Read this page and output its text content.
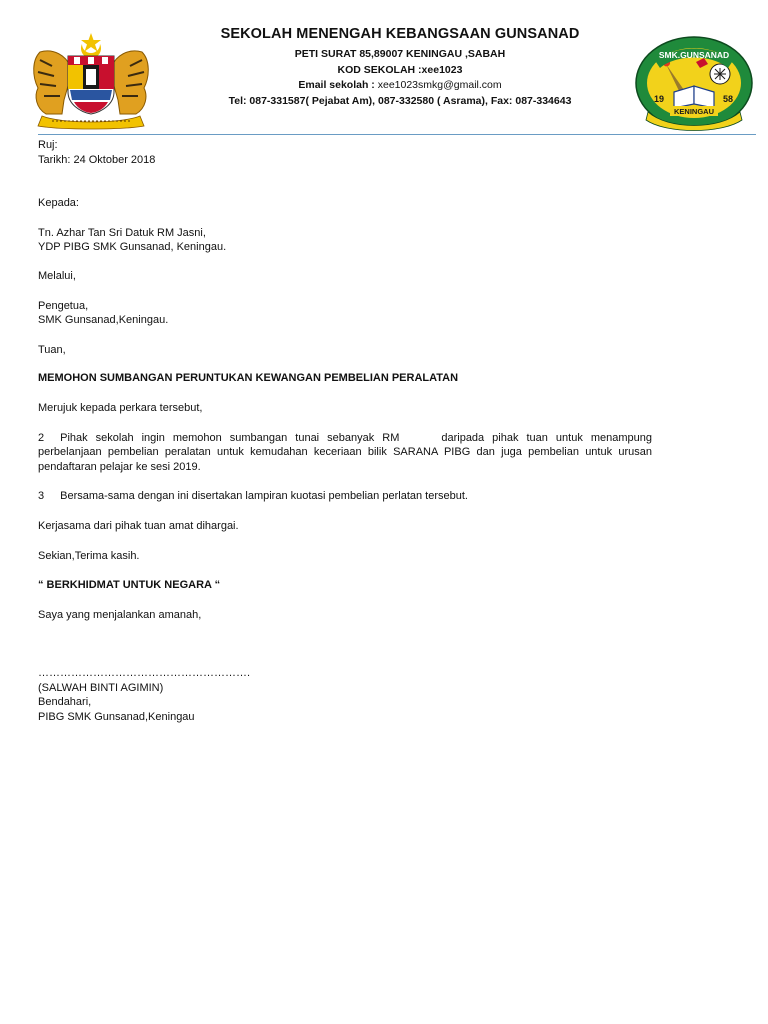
SEKOLAH MENENGAH KEBANGSAAN GUNSANAD
PETI SURAT 85,89007 KENINGAU ,SABAH
KOD SEKOLAH :xee1023
Email sekolah : xee1023smkg@gmail.com
Tel: 087-331587( Pejabat Am), 087-332580 ( Asrama), Fax: 087-334643
SMK.GUNSANAD
19	58
KENINGAU

Ruj:

Tarikh: 24 Oktober 2018

Kepada:

Tn. Azhar Tan Sri Datuk RM Jasni,

YDP PIBG SMK Gunsanad, Keningau.

Melalui,

Pengetua,

SMK Gunsanad,Keningau.

Tuan,

MEMOHON SUMBANGAN PERUNTUKAN KEWANGAN PEMBELIAN PERALATAN

Merujuk kepada perkara tersebut,

2 Pihak sekolah ingin memohon sumbangan tunai sebanyak RM	daripada pihak tuan untuk menampung perbelanjaan pembelian peralatan untuk kemudahan keceriaan bilik SARANA PIBG dan juga pembelian untuk urusan pendaftaran pelajar ke sesi 2019.

3 Bersama-sama dengan ini disertakan lampiran kuotasi pembelian perlatan tersebut.

Kerjasama dari pihak tuan amat dihargai.

Sekian,Terima kasih.

“ BERKHIDMAT UNTUK NEGARA “

Saya yang menjalankan amanah,

………………………………………………….

(SALWAH BINTI AGIMIN)

Bendahari,

PIBG SMK Gunsanad,Keningau
